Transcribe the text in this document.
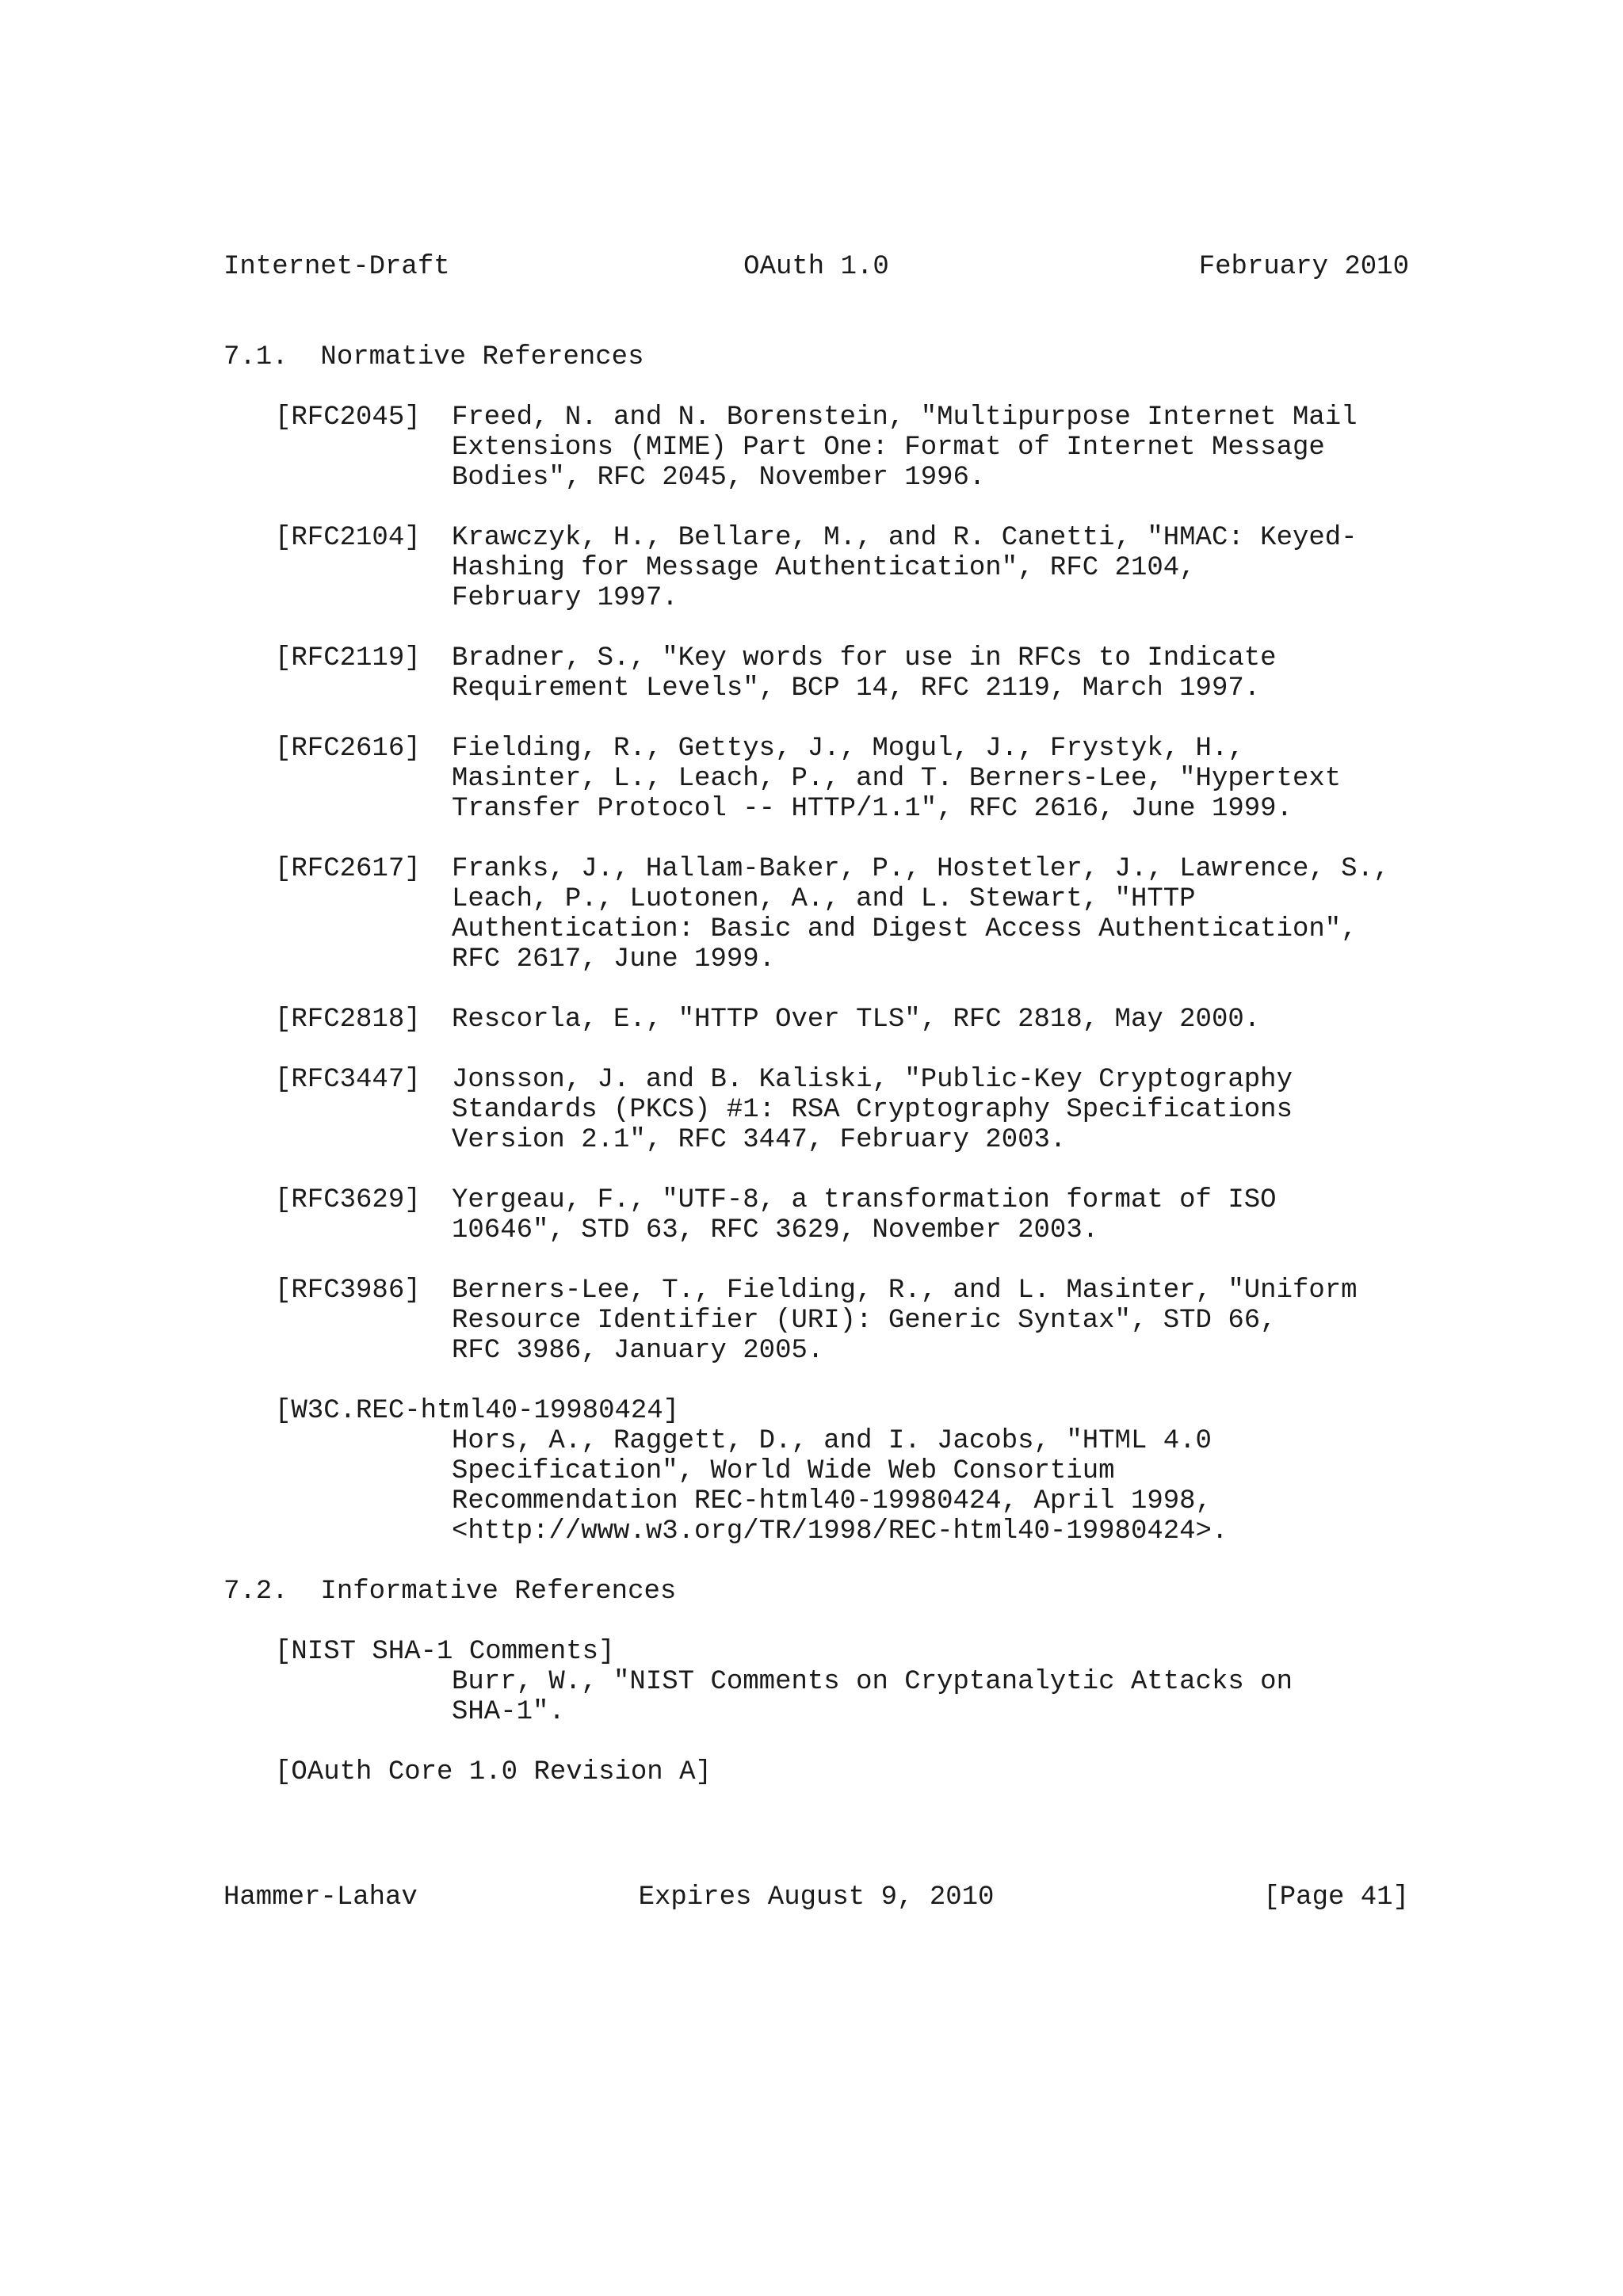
Internet-Draft

	OAuth 1.0

	February 2010

7.1.  Normative References
[RFC2045] Freed, N. and N. Borenstein, "Multipurpose Internet Mail
Extensions (MIME) Part One: Format of Internet Message
Bodies", RFC 2045, November 1996.
[RFC2104] Krawczyk, H., Bellare, M., and R. Canetti, "HMAC: Keyed-
Hashing for Message Authentication", RFC 2104,
February 1997.
[RFC2119] Bradner, S., "Key words for use in RFCs to Indicate
Requirement Levels", BCP 14, RFC 2119, March 1997.
[RFC2616] Fielding, R., Gettys, J., Mogul, J., Frystyk, H.,
Masinter, L., Leach, P., and T. Berners-Lee, "Hypertext
Transfer Protocol -- HTTP/1.1", RFC 2616, June 1999.
[RFC2617] Franks, J., Hallam-Baker, P., Hostetler, J., Lawrence, S.,
Leach, P., Luotonen, A., and L. Stewart, "HTTP
Authentication: Basic and Digest Access Authentication",
RFC 2617, June 1999.
[RFC2818] Rescorla, E., "HTTP Over TLS", RFC 2818, May 2000.
[RFC3447] Jonsson, J. and B. Kaliski, "Public-Key Cryptography
Standards (PKCS) #1: RSA Cryptography Specifications
Version 2.1", RFC 3447, February 2003.
[RFC3629] Yergeau, F., "UTF-8, a transformation format of ISO
10646", STD 63, RFC 3629, November 2003.
[RFC3986] Berners-Lee, T., Fielding, R., and L. Masinter, "Uniform
Resource Identifier (URI): Generic Syntax", STD 66,
RFC 3986, January 2005.
[W3C.REC-html40-19980424]
Hors, A., Raggett, D., and I. Jacobs, "HTML 4.0
Specification", World Wide Web Consortium
Recommendation REC-html40-19980424, April 1998,
<http://www.w3.org/TR/1998/REC-html40-19980424>.
7.2.  Informative References
[NIST SHA-1 Comments]
Burr, W., "NIST Comments on Cryptanalytic Attacks on
SHA-1".
[OAuth Core 1.0 Revision A]

Hammer-Lahav

	Expires August 9, 2010

	[Page 41]
